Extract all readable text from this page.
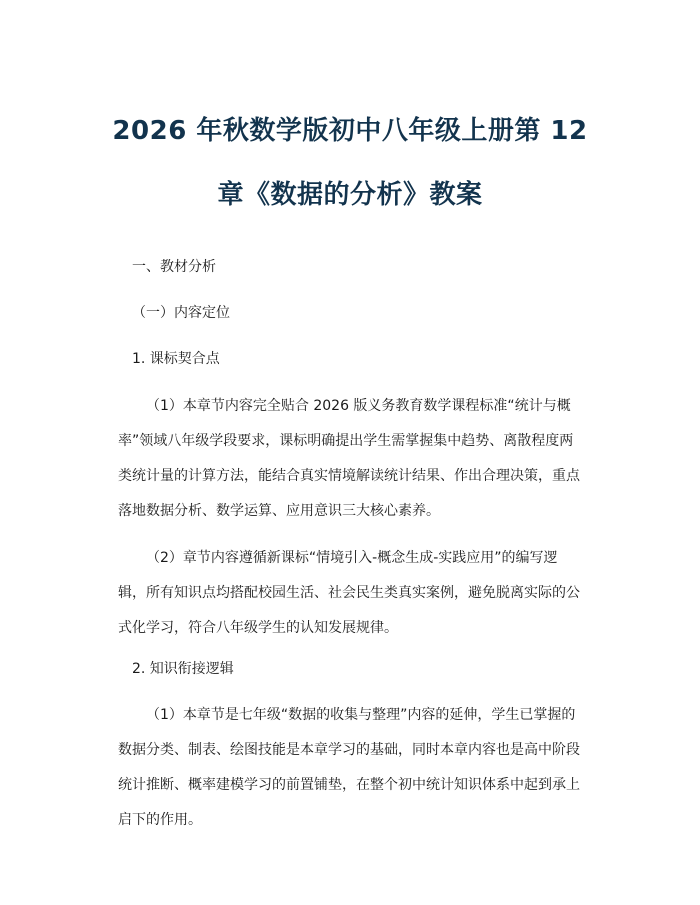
2026 年秋数学版初中八年级上册第 12
章《数据的分析》教案

一、教材分析

（一）内容定位

1. 课标契合点

（1）本章节内容完全贴合 2026 版义务教育数学课程标准“统计与概率”领域八年级学段要求，课标明确提出学生需掌握集中趋势、离散程度两类统计量的计算方法，能结合真实情境解读统计结果、作出合理决策，重点落地数据分析、数学运算、应用意识三大核心素养。

（2）章节内容遵循新课标“情境引入-概念生成-实践应用”的编写逻辑，所有知识点均搭配校园生活、社会民生类真实案例，避免脱离实际的公式化学习，符合八年级学生的认知发展规律。

2. 知识衔接逻辑

（1）本章节是七年级“数据的收集与整理”内容的延伸，学生已掌握的数据分类、制表、绘图技能是本章学习的基础，同时本章内容也是高中阶段统计推断、概率建模学习的前置铺垫，在整个初中统计知识体系中起到承上启下的作用。
